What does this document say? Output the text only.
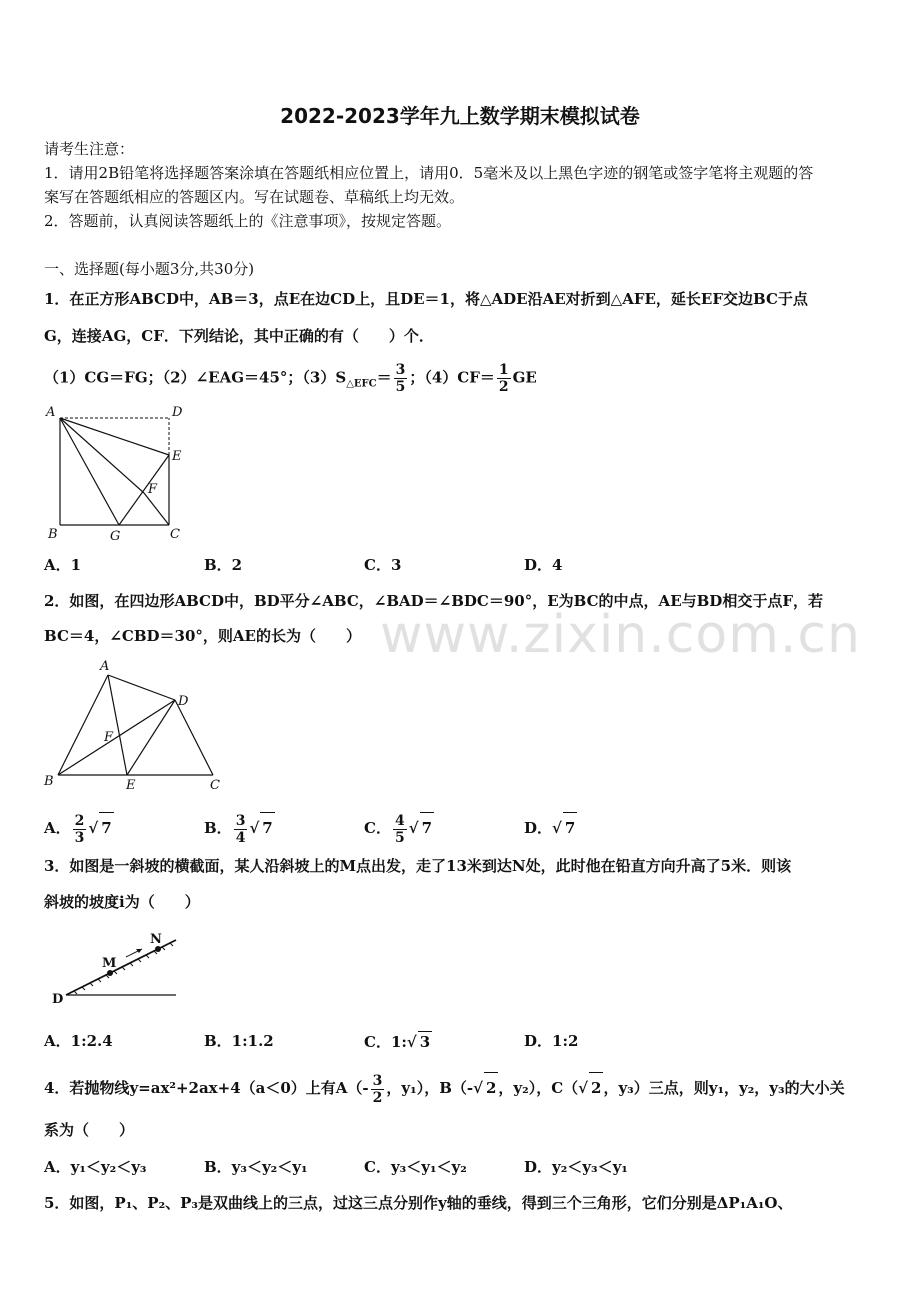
www.zixin.com.cn
2022-2023学年九上数学期末模拟试卷
请考生注意：
1．请用2B铅笔将选择题答案涂填在答题纸相应位置上，请用0．5毫米及以上黑色字迹的钢笔或签字笔将主观题的答
案写在答题纸相应的答题区内。写在试题卷、草稿纸上均无效。
2．答题前，认真阅读答题纸上的《注意事项》，按规定答题。
一、选择题(每小题3分,共30分)
1．在正方形ABCD中，AB＝3，点E在边CD上，且DE＝1，将△ADE沿AE对折到△AFE，延长EF交边BC于点
G，连接AG，CF．下列结论，其中正确的有（　　）个．
（1）CG＝FG；（2）∠EAG＝45°；$(3)S_{\triangle EFC}= \frac{3}{5}$ ；$(4)CF= \frac{1}{2}$ GE
A	D
E
F
B	G	C
A．1	B．2	C．3	D．4
2．如图，在四边形ABCD中，BD平分∠ABC，∠BAD＝∠BDC＝90°，E为BC的中点，AE与BD相交于点F，若
BC＝4，∠CBD＝30°，则AE的长为（　　）
A
D
F
B	E	C
A． $\frac{2}{3}$ √ 7	B． $\frac{3}{4}$ √ 7	C． $\frac{4}{5}$ √ 7	D．√ 7
3．如图是一斜坡的横截面，某人沿斜坡上的M点出发，走了13米到达N处，此时他在铅直方向升高了5米．则该
斜坡的坡度i为（　　）
M
N
D
A．1:2.4	B．1:1.2	C．1:√ 3	D．1:2
4．若抛物线y=ax²+2ax+4（a＜0）上有$A(- \frac{3}{2}$ ，y₁），B（-√ 2 ，y₂），C（√ 2 ，y₃）三点，则y₁，y₂，y₃的大小关
系为（　　）
A．y₁＜y₂＜y₃	B．y₃＜y₂＜y₁	C．y₃＜y₁＜y₂	D．y₂＜y₃＜y₁
5．如图，P₁、P₂、P₃是双曲线上的三点，过这三点分别作y轴的垂线，得到三个三角形，它们分别是ΔP₁A₁O、
